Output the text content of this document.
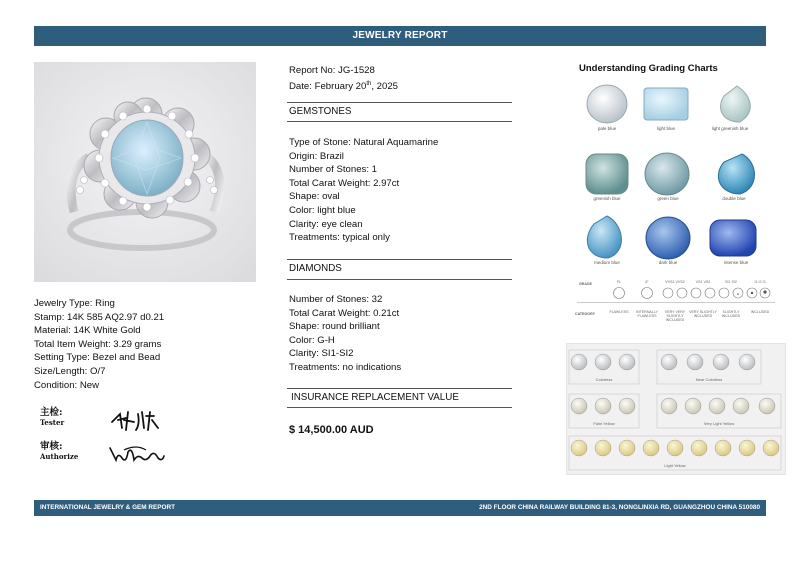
JEWELRY REPORT
Jewelry Type: Ring
Stamp: 14K 585 AQ2.97 d0.21
Material: 14K White Gold
Total Item Weight: 3.29 grams
Setting Type: Bezel and Bead
Size/Length: O/7
Condition: New
主检:
Tester
审核:
Authorize
Report No: JG-1528
Date: February 20th, 2025
GEMSTONES
Type of Stone: Natural Aquamarine
Origin: Brazil
Number of Stones: 1
Total Carat Weight: 2.97ct
Shape: oval
Color: light blue
Clarity: eye clean
Treatments: typical only
DIAMONDS
Number of Stones: 32
Total Carat Weight: 0.21ct
Shape: round brilliant
Color: G-H
Clarity: SI1-SI2
Treatments: no indications
INSURANCE REPLACEMENT VALUE
$ 14,500.00 AUD
Understanding Grading Charts
pale blue	light blue	light greenish blue
greenish blue	green blue	double blue
medium blue	dark blue	intense blue
GRADE
CATEGORY
FL	IF	VVS1 VVS2	VS1 VS2	SI1 SI2	I1 I2 I3
FLAWLESS	INTERNALLY FLAWLESS
VERY VERY SLIGHTLY INCLUDED
VERY SLIGHTLY INCLUDED
SLIGHTLY INCLUDED
INCLUDED
Colorless	Near Colorless
Faint Yellow	Very Light Yellow
Light Yellow
INTERNATIONAL JEWELRY & GEM REPORT	2ND FLOOR CHINA RAILWAY BUILDING 81-3, NONGLINXIA RD, GUANGZHOU CHINA 510080
